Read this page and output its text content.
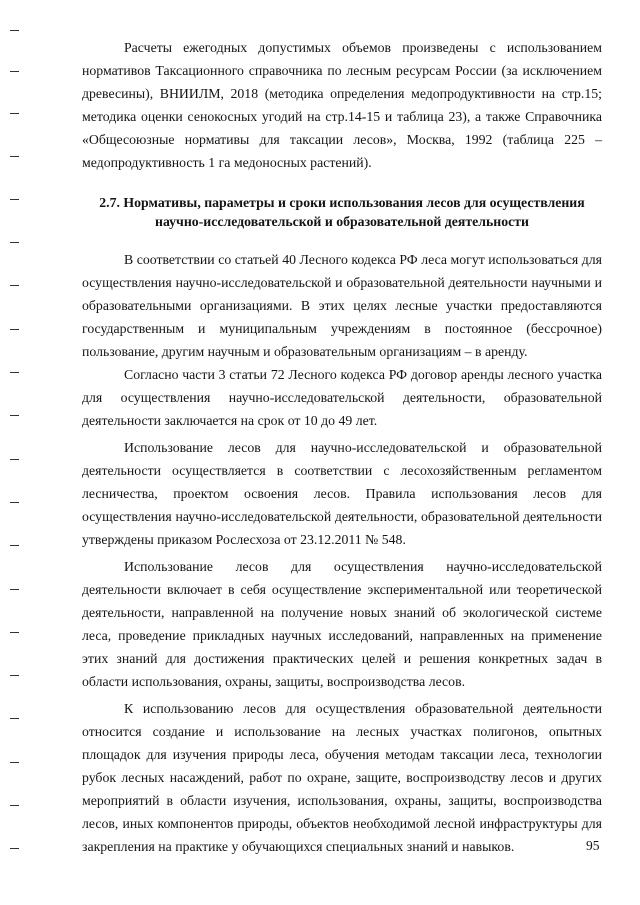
Расчеты ежегодных допустимых объемов произведены с использованием нормативов Таксационного справочника по лесным ресурсам России (за исключением древесины), ВНИИЛМ, 2018 (методика определения медопродуктивности на стр.15; методика оценки сенокосных угодий на стр.14-15 и таблица 23), а также Справочника «Общесоюзные нормативы для таксации лесов», Москва, 1992 (таблица 225 – медопродуктивность 1 га медоносных растений).

2.7. Нормативы, параметры и сроки использования лесов для осуществления научно-исследовательской и образовательной деятельности

В соответствии со статьей 40 Лесного кодекса РФ леса могут использоваться для осуществления научно-исследовательской и образовательной деятельности научными и образовательными организациями. В этих целях лесные участки предоставляются государственным и муниципальным учреждениям в постоянное (бессрочное) пользование, другим научным и образовательным организациям – в аренду.

Согласно части 3 статьи 72 Лесного кодекса РФ договор аренды лесного участка для осуществления научно-исследовательской деятельности, образовательной деятельности заключается на срок от 10 до 49 лет.

Использование лесов для научно-исследовательской и образовательной деятельности осуществляется в соответствии с лесохозяйственным регламентом лесничества, проектом освоения лесов. Правила использования лесов для осуществления научно-исследовательской деятельности, образовательной деятельности утверждены приказом Рослесхоза от 23.12.2011 № 548.

Использование лесов для осуществления научно-исследовательской деятельности включает в себя осуществление экспериментальной или теоретической деятельности, направленной на получение новых знаний об экологической системе леса, проведение прикладных научных исследований, направленных на применение этих знаний для достижения практических целей и решения конкретных задач в области использования, охраны, защиты, воспроизводства лесов.

К использованию лесов для осуществления образовательной деятельности относится создание и использование на лесных участках полигонов, опытных площадок для изучения природы леса, обучения методам таксации леса, технологии рубок лесных насаждений, работ по охране, защите, воспроизводству лесов и других мероприятий в области изучения, использования, охраны, защиты, воспроизводства лесов, иных компонентов природы, объектов необходимой лесной инфраструктуры для закрепления на практике у обучающихся специальных знаний и навыков.	95
